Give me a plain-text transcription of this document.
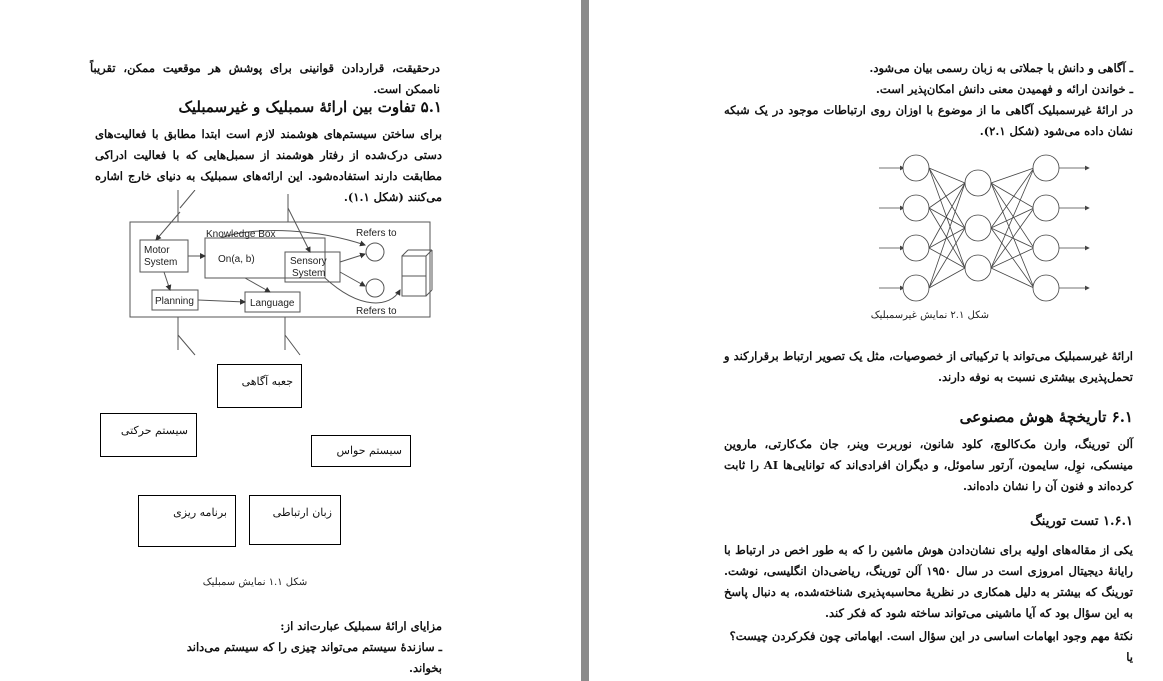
درحقیقت، قراردادن قوانینی برای پوشش هر موقعیت ممکن، تقریباً ناممکن است.
۵.۱ تفاوت بین ارائهٔ سمبلیک و غیرسمبلیک
برای ساختن سیستم‌های هوشمند لازم است ابتدا مطابق با فعالیت‌های دستی درک‌شده از رفتار هوشمند از سمبل‌هایی که با فعالیت ادراکی مطابقت دارند استفاده‌شود. این ارائه‌های سمبلیک به دنیای خارج اشاره می‌کنند (شکل ۱.۱).
Knowledge Box
Motor
System	On(a, b)	Sensory
System
Planning	Language
Refers to
Refers to
جعبه آگاهی
سیستم حرکتی
سیستم حواس
برنامه ریزی	زبان ارتباطی
شکل ۱.۱ نمایش سمبلیک
مزایای ارائهٔ سمبلیک عبارت‌اند از:
ـ سازندهٔ سیستم می‌تواند چیزی را که سیستم می‌داند بخواند.
ـ آگاهی و دانش با جملاتی به زبان رسمی بیان می‌شود.
ـ خواندن ارائه و فهمیدن معنی دانش امکان‌پذیر است.
در ارائهٔ غیرسمبلیک آگاهی ما از موضوع با اوزان روی ارتباطات موجود در یک شبکه نشان داده می‌شود (شکل ۲.۱).
شکل ۲.۱ نمایش غیرسمبلیک
ارائهٔ غیرسمبلیک می‌تواند با ترکیباتی از خصوصیات، مثل یک تصویر ارتباط برقرارکند و تحمل‌پذیری بیشتری نسبت به نوفه دارند.
۶.۱ تاریخچهٔ هوش مصنوعی
آلن تورینگ، وارن مک‌کالوچ، کلود شانون، نوربرت وینر، جان مک‌کارتی، ماروین مینسکی، نوِل، سایمون، آرتور ساموئل، و دیگران افرادی‌اند که توانایی‌ها AI را ثابت کرده‌اند و فنون آن را نشان داده‌اند.
۱.۶.۱ تست تورینگ
یکی از مقاله‌های اولیه برای نشان‌دادن هوش ماشین را که به طور اخص در ارتباط با رایانهٔ دیجیتال امروزی است در سال ۱۹۵۰ آلن تورینگ، ریاضی‌دان انگلیسی، نوشت. تورینگ که بیشتر به دلیل همکاری در نظریهٔ محاسبه‌پذیری شناخته‌شده، به دنبال پاسخ به این سؤال بود که آیا ماشینی می‌تواند ساخته شود که فکر کند.
نکتهٔ مهم وجود ابهامات اساسی در این سؤال است. ابهاماتی چون فکرکردن چیست؟ یا
